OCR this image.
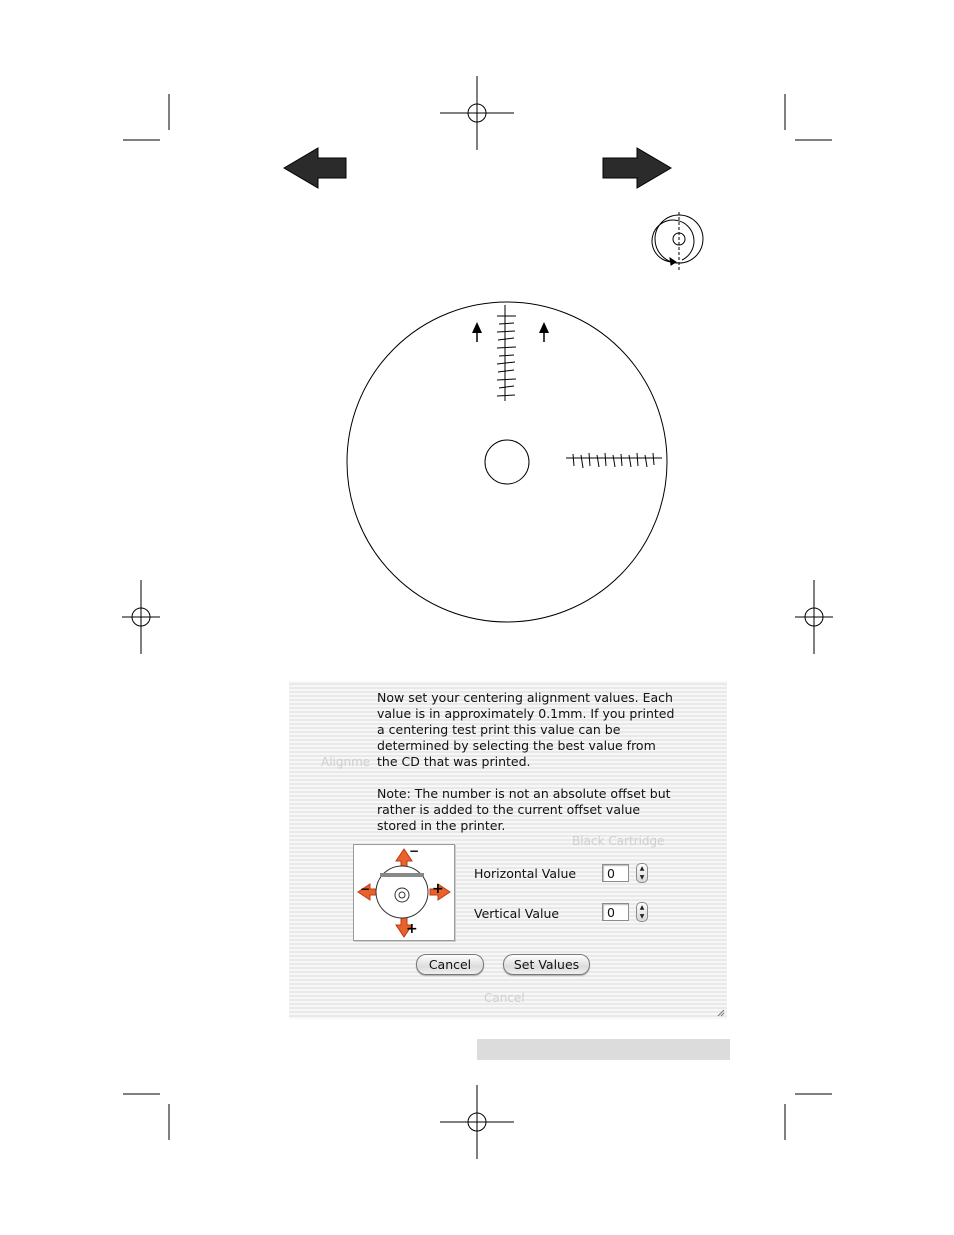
Alignme
Black Cartridge
Cancel

Now set your centering alignment values. Each value is in approximately 0.1mm. If you printed a centering test print this value can be determined by selecting the best value from the CD that was printed.

Note: The number is not an absolute offset but rather is added to the current offset value stored in the printer.

−
−	+
+
Horizontal Value	0	▲
▼
Vertical Value	0	▲
▼
Cancel	Set Values
